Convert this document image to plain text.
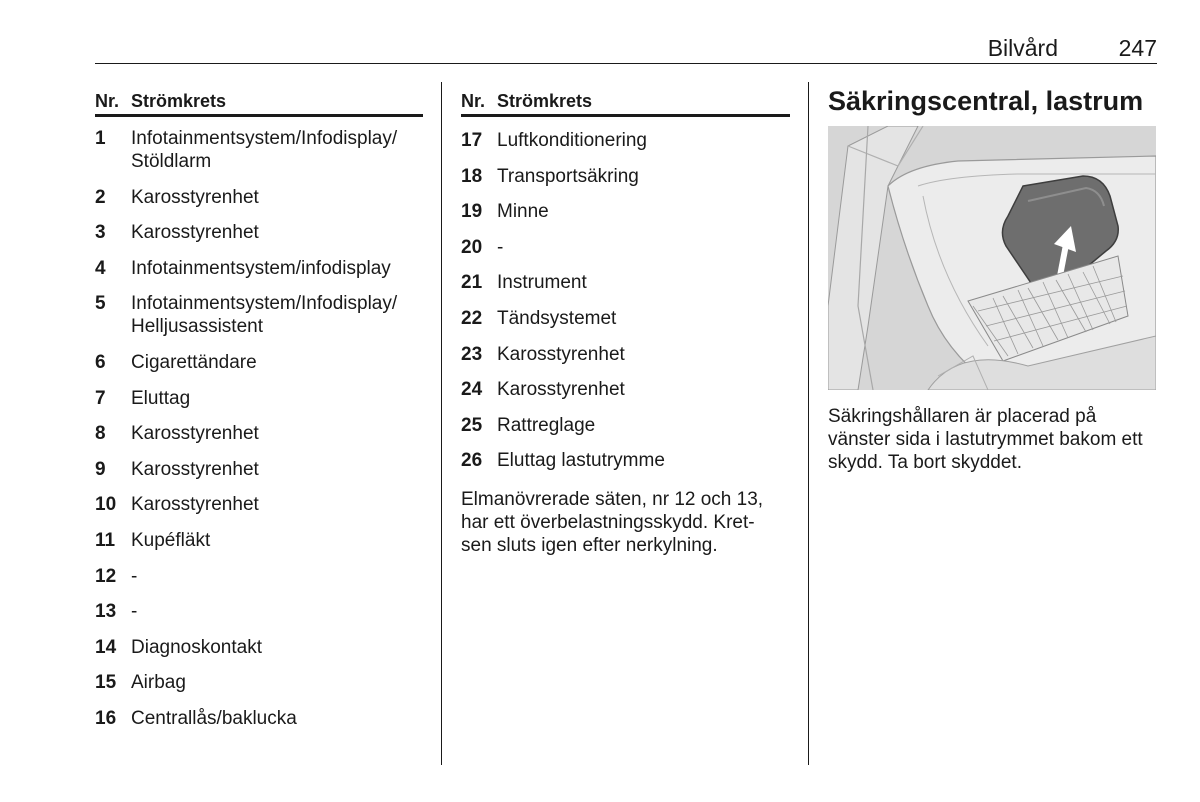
Bilvård	247
Nr. Strömkrets
1	Infotainmentsystem/Infodisplay/ Stöldlarm
2	Karosstyrenhet
3	Karosstyrenhet
4	Infotainmentsystem/infodisplay
5	Infotainmentsystem/Infodisplay/ Helljusassistent
6	Cigarettändare
7	Eluttag
8	Karosstyrenhet
9	Karosstyrenhet
10 Karosstyrenhet
11 Kupéfläkt
12 -
13 -
14 Diagnoskontakt
15 Airbag
16 Centrallås/baklucka
Nr. Strömkrets
17 Luftkonditionering
18 Transportsäkring
19 Minne
20 -
21 Instrument
22 Tändsystemet
23 Karosstyrenhet
24 Karosstyrenhet
25 Rattreglage
26 Eluttag lastutrymme
Elmanövrerade säten, nr 12 och 13, har ett överbelastningsskydd. Kret- sen sluts igen efter nerkylning.
Säkringscentral, lastrum
Säkringshållaren är placerad på vänster sida i lastutrymmet bakom ett skydd. Ta bort skyddet.
